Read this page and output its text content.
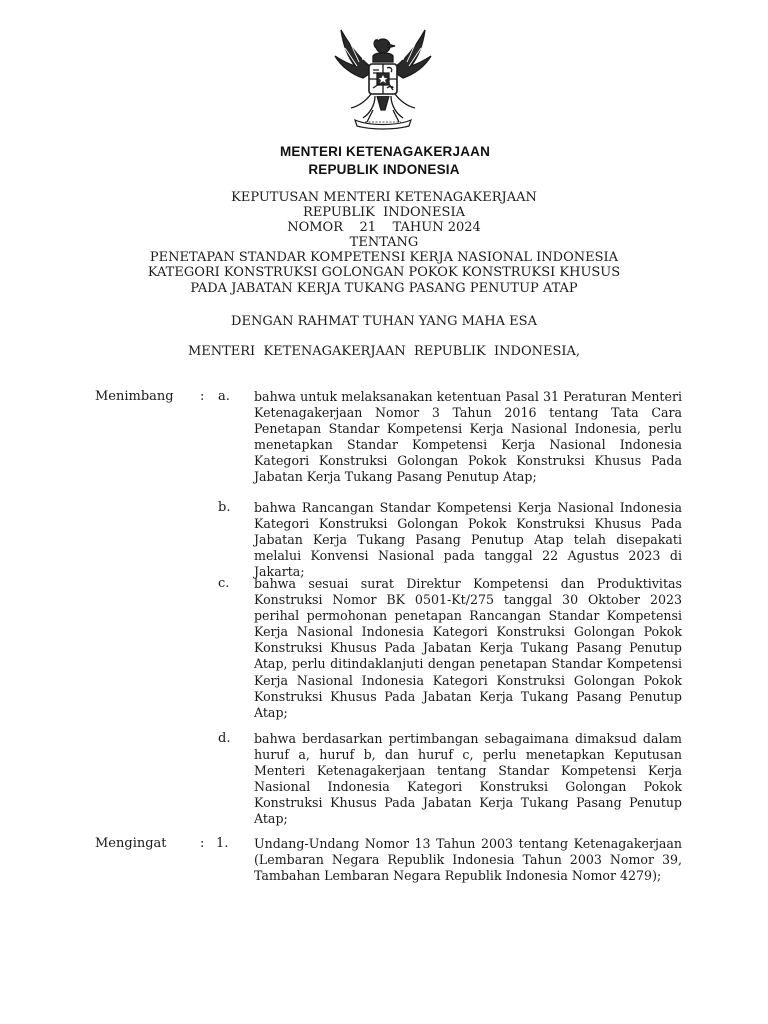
MENTERI KETENAGAKERJAAN
REPUBLIK INDONESIA
KEPUTUSAN MENTERI KETENAGAKERJAAN
REPUBLIK  INDONESIA
NOMOR    21    TAHUN 2024
TENTANG
PENETAPAN STANDAR KOMPETENSI KERJA NASIONAL INDONESIA
KATEGORI KONSTRUKSI GOLONGAN POKOK KONSTRUKSI KHUSUS
PADA JABATAN KERJA TUKANG PASANG PENUTUP ATAP
DENGAN RAHMAT TUHAN YANG MAHA ESA
MENTERI  KETENAGAKERJAAN  REPUBLIK  INDONESIA,
Menimbang : a. bahwa untuk melaksanakan ketentuan Pasal 31 Peraturan Menteri Ketenagakerjaan Nomor 3 Tahun 2016 tentang Tata Cara Penetapan Standar Kompetensi Kerja Nasional Indonesia, perlu menetapkan Standar Kompetensi Kerja Nasional Indonesia Kategori Konstruksi Golongan Pokok Konstruksi Khusus Pada Jabatan Kerja Tukang Pasang Penutup Atap;
b. bahwa Rancangan Standar Kompetensi Kerja Nasional Indonesia Kategori Konstruksi Golongan Pokok Konstruksi Khusus Pada Jabatan Kerja Tukang Pasang Penutup Atap telah disepakati melalui Konvensi Nasional pada tanggal 22 Agustus 2023 di Jakarta;
c. bahwa sesuai surat Direktur Kompetensi dan Produktivitas Konstruksi Nomor BK 0501-Kt/275 tanggal 30 Oktober 2023 perihal permohonan penetapan Rancangan Standar Kompetensi Kerja Nasional Indonesia Kategori Konstruksi Golongan Pokok Konstruksi Khusus Pada Jabatan Kerja Tukang Pasang Penutup Atap, perlu ditindaklanjuti dengan penetapan Standar Kompetensi Kerja Nasional Indonesia Kategori Konstruksi Golongan Pokok Konstruksi Khusus Pada Jabatan Kerja Tukang Pasang Penutup Atap;
d. bahwa berdasarkan pertimbangan sebagaimana dimaksud dalam huruf a, huruf b, dan huruf c, perlu menetapkan Keputusan Menteri Ketenagakerjaan tentang Standar Kompetensi Kerja Nasional Indonesia Kategori Konstruksi Golongan Pokok Konstruksi Khusus Pada Jabatan Kerja Tukang Pasang Penutup Atap;
Mengingat	: 1. Undang-Undang Nomor 13 Tahun 2003 tentang Ketenagakerjaan (Lembaran Negara Republik Indonesia Tahun 2003 Nomor 39, Tambahan Lembaran Negara Republik Indonesia Nomor 4279);
